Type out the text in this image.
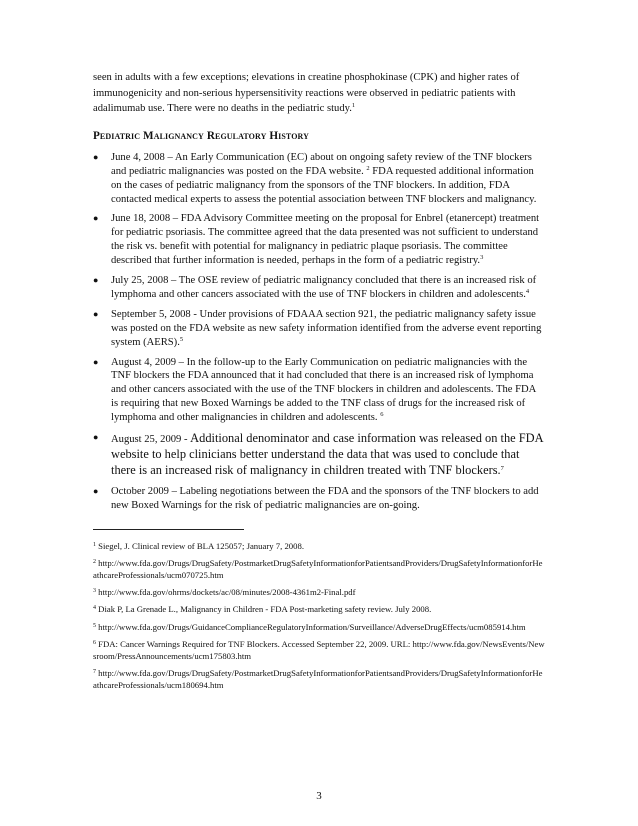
seen in adults with a few exceptions; elevations in creatine phosphokinase (CPK) and higher rates of immunogenicity and non-serious hypersensitivity reactions were observed in pediatric patients with adalimumab use. There were no deaths in the pediatric study.$^1$

Pediatric Malignancy Regulatory History

●	June 4, 2008 – An Early Communication (EC) about on ongoing safety review of the TNF blockers and pediatric malignancies was posted on the FDA website. $^2$ FDA requested additional information on the cases of pediatric malignancy from the sponsors of the TNF blockers. In addition, FDA contacted medical experts to assess the potential association between TNF blockers and malignancy.
●	June 18, 2008 – FDA Advisory Committee meeting on the proposal for Enbrel (etanercept) treatment for pediatric psoriasis. The committee agreed that the data presented was not sufficient to understand the risk vs. benefit with potential for malignancy in pediatric plaque psoriasis. The committee described that further information is needed, perhaps in the form of a pediatric registry.$^3$
●	July 25, 2008 – The OSE review of pediatric malignancy concluded that there is an increased risk of lymphoma and other cancers associated with the use of TNF blockers in children and adolescents.$^4$
●	September 5, 2008 - Under provisions of FDAAA section 921, the pediatric malignancy safety issue was posted on the FDA website as new safety information identified from the adverse event reporting system (AERS).$^5$
●	August 4, 2009 – In the follow-up to the Early Communication on pediatric malignancies with the TNF blockers the FDA announced that it had concluded that there is an increased risk of lymphoma and other cancers associated with the use of the TNF blockers in children and adolescents. The FDA is requiring that new Boxed Warnings be added to the TNF class of drugs for the increased risk of lymphoma and other malignancies in children and adolescents. $^6$
●	August 25, 2009 - Additional denominator and case information was released on the FDA website to help clinicians better understand the data that was used to conclude that there is an increased risk of malignancy in children treated with TNF blockers.$^7$
●	October 2009 – Labeling negotiations between the FDA and the sponsors of the TNF blockers to add new Boxed Warnings for the risk of pediatric malignancies are on-going.

$^1$ Siegel, J. Clinical review of BLA 125057; January 7, 2008.

$^2$ http://www.fda.gov/Drugs/DrugSafety/PostmarketDrugSafetyInformationforPatientsandProviders/DrugSafetyInformationforHeathcareProfessionals/ucm070725.htm

$^3$ http://www.fda.gov/ohrms/dockets/ac/08/minutes/2008-4361m2-Final.pdf

$^4$ Diak P, La Grenade L., Malignancy in Children - FDA Post-marketing safety review. July 2008.

$^5$ http://www.fda.gov/Drugs/GuidanceComplianceRegulatoryInformation/Surveillance/AdverseDrugEffects/ucm085914.htm

$^6$ FDA: Cancer Warnings Required for TNF Blockers. Accessed September 22, 2009. URL: http://www.fda.gov/NewsEvents/Newsroom/PressAnnouncements/ucm175803.htm

$^7$ http://www.fda.gov/Drugs/DrugSafety/PostmarketDrugSafetyInformationforPatientsandProviders/DrugSafetyInformationforHeathcareProfessionals/ucm180694.htm

3
